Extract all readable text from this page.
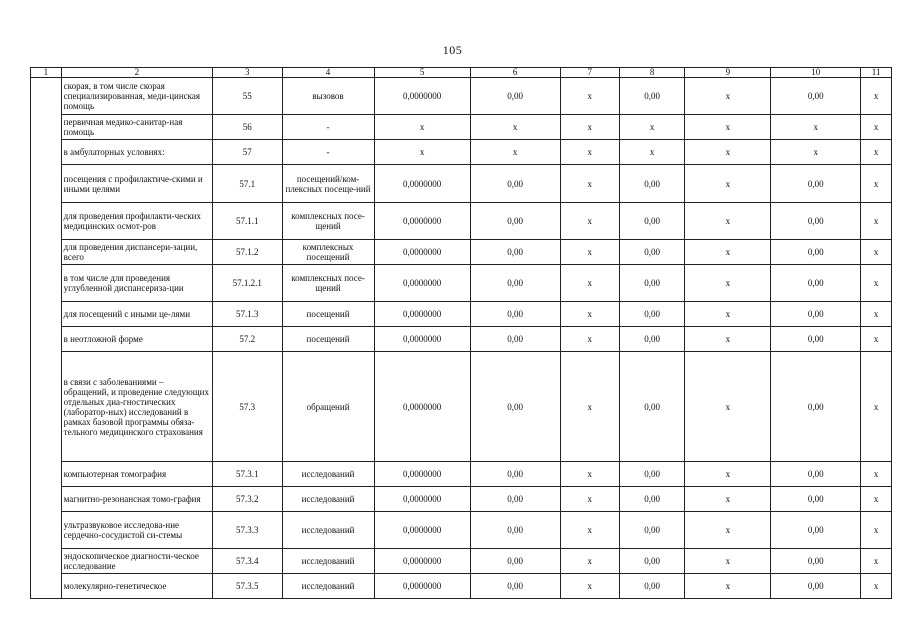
105
1	2	3	4	5	6	7	8	9	10	11
	скорая, в том числе скорая специализированная, меди-цинская помощь	55	вызовов	0,0000000	0,00	x	0,00	x	0,00	x
	первичная медико-санитар-ная помощь	56	-	x	x	x	x	x	x	x
	в амбулаторных условиях:	57	-	x	x	x	x	x	x	x
	посещения с профилактиче-скими и иными целями	57.1	посещений/ком-плексных посеще-ний	0,0000000	0,00	x	0,00	x	0,00	x
	для проведения профилакти-ческих медицинских осмот-ров	57.1.1	комплексных посе-щений	0,0000000	0,00	x	0,00	x	0,00	x
	для проведения диспансери-зации, всего	57.1.2	комплексных посещений	0,0000000	0,00	x	0,00	x	0,00	x
	в том числе для проведения углубленной диспансериза-ции	57.1.2.1	комплексных посе-щений	0,0000000	0,00	x	0,00	x	0,00	x
	для посещений с иными це-лями	57.1.3	посещений	0,0000000	0,00	x	0,00	x	0,00	x
	в неотложной форме	57.2	посещений	0,0000000	0,00	x	0,00	x	0,00	x
	в связи с заболеваниями – обращений, и проведение следующих отдельных диа-гностических (лаборатор-ных) исследований в рамках базовой программы обяза-тельного медицинского страхования	57.3	обращений	0,0000000	0,00	x	0,00	x	0,00	x
	компьютерная томография	57.3.1	исследований	0,0000000	0,00	x	0,00	x	0,00	x
	магнитно-резонансная томо-графия	57.3.2	исследований	0,0000000	0,00	x	0,00	x	0,00	x
	ультразвуковое исследова-ние сердечно-сосудистой си-стемы	57.3.3	исследований	0,0000000	0,00	x	0,00	x	0,00	x
	эндоскопическое диагности-ческое исследование	57.3.4	исследований	0,0000000	0,00	x	0,00	x	0,00	x
	молекулярно-генетическое	57.3.5	исследований	0,0000000	0,00	x	0,00	x	0,00	x
